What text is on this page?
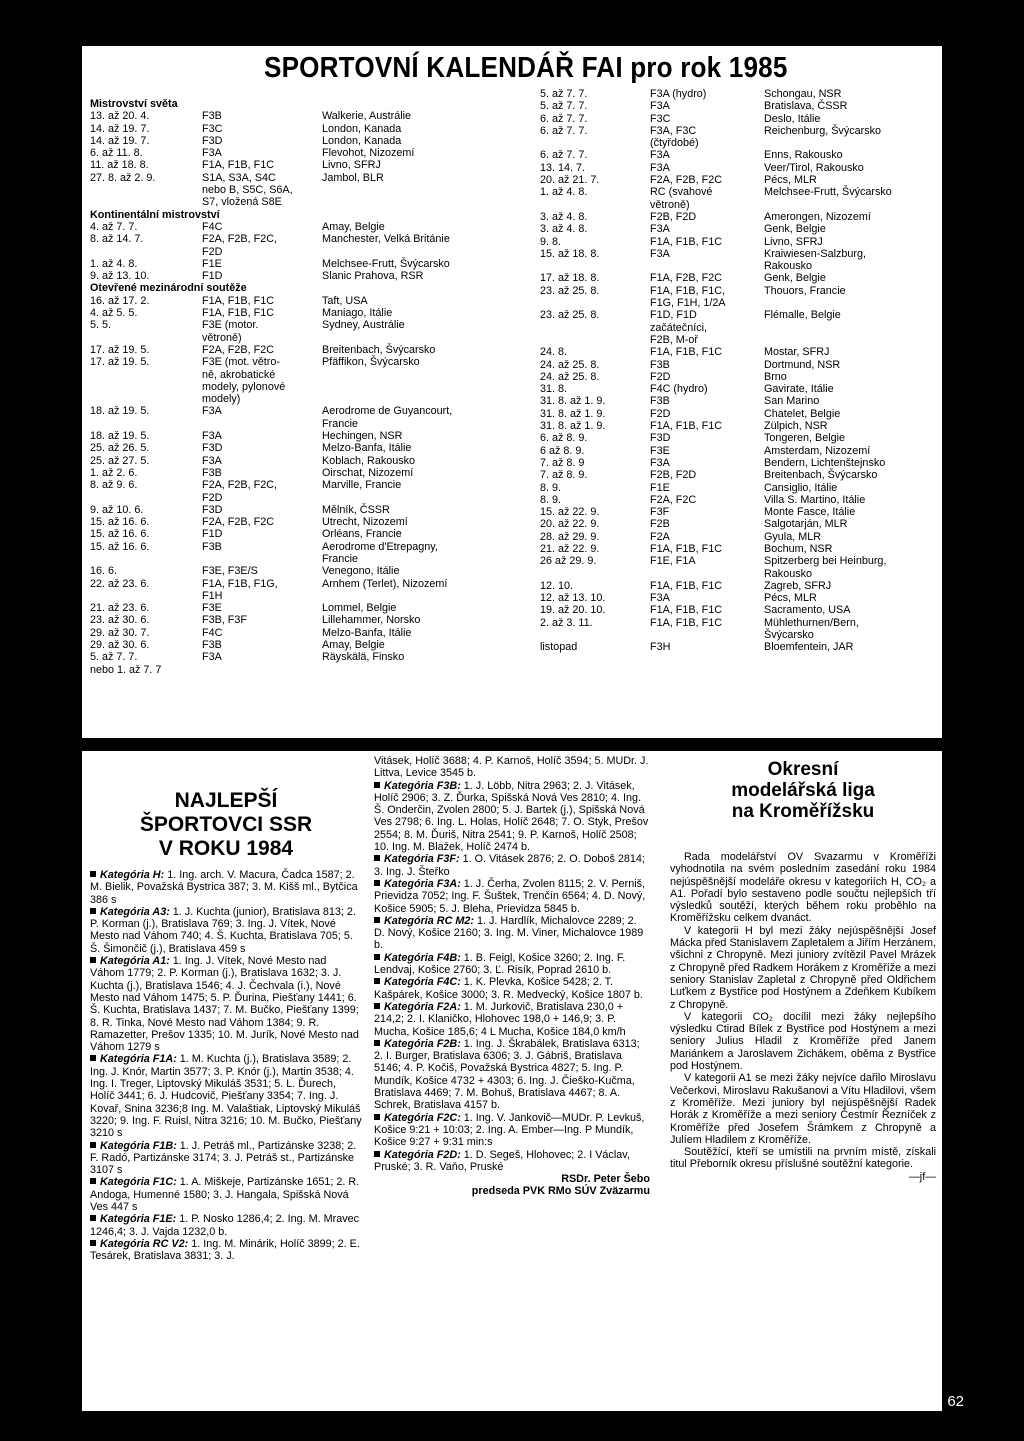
SPORTOVNÍ KALENDÁŘ FAI pro rok 1985
Mistrovství světa
13. až 20. 4.	F3B	Walkerie, Austrálie
14. až 19. 7.	F3C	London, Kanada
14. až 19. 7.	F3D	London, Kanada
6. až 11. 8.	F3A	Flevohot, Nizozemí
11. až 18. 8.	F1A, F1B, F1C	Livno, SFRJ
27. 8. až 2. 9.	S1A, S3A, S4C	Jambol, BLR
nebo B, S5C, S6A,
S7, vložená S8E
Kontinentální mistrovství
4. až 7. 7.	F4C	Amay, Belgie
8. až 14. 7.	F2A, F2B, F2C,	Manchester, Velká Británie
F2D
1. až 4. 8.	F1E	Melchsee-Frutt, Švýcarsko
9. až 13. 10.	F1D	Slanic Prahova, RSR
Otevřené mezinárodní soutěže
16. až 17. 2.	F1A, F1B, F1C	Taft, USA
4. až 5. 5.	F1A, F1B, F1C	Maniago, Itálie
5. 5.	F3E (motor.	Sydney, Austrálie
větroně)
17. až 19. 5.	F2A, F2B, F2C	Breitenbach, Švýcarsko
17. až 19. 5.	F3E (mot. větro-	Pfäffikon, Švýcarsko
ně, akrobatické
modely, pylonové
modely)
18. až 19. 5.	F3A	Aerodrome de Guyancourt,
Francie
18. až 19. 5.	F3A	Hechingen, NSR
25. až 26. 5.	F3D	Melzo-Banfa, Itálie
25. až 27. 5.	F3A	Koblach, Rakousko
1. až 2. 6.	F3B	Oirschat, Nizozemí
8. až 9. 6.	F2A, F2B, F2C,	Marville, Francie
F2D
9. až 10. 6.	F3D	Mělník, ČSSR
15. až 16. 6.	F2A, F2B, F2C	Utrecht, Nizozemí
15. až 16. 6.	F1D	Orléans, Francie
15. až 16. 6.	F3B	Aerodrome d'Etrepagny,
Francie
16. 6.	F3E, F3E/S	Venegono, Itálie
22. až 23. 6.	F1A, F1B, F1G,	Arnhem (Terlet), Nizozemí
F1H
21. až 23. 6.	F3E	Lommel, Belgie
23. až 30. 6.	F3B, F3F	Lillehammer, Norsko
29. až 30. 7.	F4C	Melzo-Banfa, Itálie
29. až 30. 6.	F3B	Amay, Belgie
5. až 7. 7.	F3A	Räyskälä, Finsko
nebo 1. až 7. 7
5. až 7. 7.	F3A (hydro)	Schongau, NSR
5. až 7. 7.	F3A	Bratislava, ČSSR
6. až 7. 7.	F3C	Deslo, Itálie
6. až 7. 7.	F3A, F3C	Reichenburg, Švýcarsko
(čtyřdobé)
6. až 7. 7.	F3A	Enns, Rakousko
13. 14. 7.	F3A	Veer/Tirol, Rakousko
20. až 21. 7.	F2A, F2B, F2C	Pécs, MLR
1. až 4. 8.	RC (svahové	Melchsee-Frutt, Švýcarsko
větroně)
3. až 4. 8.	F2B, F2D	Amerongen, Nizozemí
3. až 4. 8.	F3A	Genk, Belgie
9. 8.	F1A, F1B, F1C	Livno, SFRJ
15. až 18. 8.	F3A	Kraiwiesen-Salzburg,
Rakousko
17. až 18. 8.	F1A, F2B, F2C	Genk, Belgie
23. až 25. 8.	F1A, F1B, F1C,	Thouors, Francie
F1G, F1H, 1/2A
23. až 25. 8.	F1D, F1D	Flémalle, Belgie
začátečníci,
F2B, M-oř
24. 8.	F1A, F1B, F1C	Mostar, SFRJ
24. až 25. 8.	F3B	Dortmund, NSR
24. až 25. 8.	F2D	Brno
31. 8.	F4C (hydro)	Gavirate, Itálie
31. 8. až 1. 9.	F3B	San Marino
31. 8. až 1. 9.	F2D	Chatelet, Belgie
31. 8. až 1. 9.	F1A, F1B, F1C	Zülpich, NSR
6. až 8. 9.	F3D	Tongeren, Belgie
6 až 8. 9.	F3E	Amsterdam, Nizozemí
7. až 8. 9	F3A	Bendern, Lichtenštejnsko
7. až 8. 9.	F2B, F2D	Breitenbach, Švýcarsko
8. 9.	F1E	Cansiglio, Itálie
8. 9.	F2A, F2C	Villa S. Martino, Itálie
15. až 22. 9.	F3F	Monte Fasce, Itálie
20. až 22. 9.	F2B	Salgotarján, MLR
28. až 29. 9.	F2A	Gyula, MLR
21. až 22. 9.	F1A, F1B, F1C	Bochum, NSR
26 až 29. 9.	F1E, F1A	Spitzerberg bei Heinburg,
Rakousko
12. 10.	F1A, F1B, F1C	Zagreb, SFRJ
12. až 13. 10.	F3A	Pécs, MLR
19. až 20. 10.	F1A, F1B, F1C	Sacramento, USA
2. až 3. 11.	F1A, F1B, F1C	Mühlethurnen/Bern,
Švýcarsko
listopad	F3H	Bloemfentein, JAR
NAJLEPŠÍ
ŠPORTOVCI SSR
V ROKU 1984

Kategória H: 1. Ing. arch. V. Macura, Čadca 1587; 2. M. Bielik, Považská Bystrica 387; 3. M. Kišš ml., Bytčica 386 s

Kategória A3: 1. J. Kuchta (junior), Bratislava 813; 2. P. Korman (j.), Bratislava 769; 3. Ing. J. Vítek, Nové Mesto nad Váhom 740; 4. Š. Kuchta, Bratislava 705; 5. Š. Šimončič (j.), Bratislava 459 s

Kategória A1: 1. Ing. J. Vítek, Nové Mesto nad Váhom 1779; 2. P. Korman (j.), Bratislava 1632; 3. J. Kuchta (j.), Bratislava 1546; 4. J. Čechvala (i.), Nové Mesto nad Váhom 1475; 5. P. Ďurina, Piešťany 1441; 6. Š. Kuchta, Bratislava 1437; 7. M. Bučko, Piešťany 1399; 8. R. Tinka, Nové Mesto nad Váhom 1384; 9. R. Ramazetter, Prešov 1335; 10. M. Jurík, Nové Mesto nad Váhom 1279 s

Kategória F1A: 1. M. Kuchta (j.), Bratislava 3589; 2. Ing. J. Knór, Martin 3577; 3. P. Knór (j.), Martin 3538; 4. Ing. I. Treger, Liptovský Mikuláš 3531; 5. L. Ďurech, Holíč 3441; 6. J. Hudcovič, Piešťany 3354; 7. Ing. J. Kovař, Snina 3236;8 Ing. M. Valaštiak, Liptovský Mikuláš 3220; 9. Ing. F. Ruisl, Nitra 3216; 10. M. Bučko, Piešťany 3210 s

Kategória F1B: 1. J. Petráš ml., Partizánske 3238; 2. F. Radó, Partizánske 3174; 3. J. Petráš st., Partizánske 3107 s

Kategória F1C: 1. A. Miškeje, Partizánske 1651; 2. R. Andoga, Humenné 1580; 3. J. Hangala, Spišská Nová Ves 447 s

Kategória F1E: 1. P. Nosko 1286,4; 2. Ing. M. Mravec 1246,4; 3. J. Vajda 1232,0 b.

Kategória RC V2: 1. Ing. M. Minárik, Holíč 3899; 2. E. Tesárek, Bratislava 3831; 3. J.

Vitásek, Holíč 3688; 4. P. Karnoš, Holíč 3594; 5. MUDr. J. Littva, Levice 3545 b.

Kategória F3B: 1. J. Löbb, Nitra 2963; 2. J. Vitásek, Holíč 2906; 3. Z. Ďurka, Spišská Nová Ves 2810; 4. Ing. Š. Onderčin, Zvolen 2800; 5. J. Bartek (j.), Spišská Nová Ves 2798; 6. Ing. L. Holas, Holíč 2648; 7. O. Styk, Prešov 2554; 8. M. Ďuriš, Nitra 2541; 9. P. Karnoš, Holíč 2508; 10. Ing. M. Blažek, Holíč 2474 b.

Kategória F3F: 1. O. Vitásek 2876; 2. O. Doboš 2814; 3. Ing. J. Šteřko

Kategória F3A: 1. J. Čerha, Zvolen 8115; 2. V. Perniš, Prievidza 7052; Ing. F. Šuštek, Trenčín 6564; 4. D. Nový, Košice 5905; 5. J. Bleha, Prievidza 5845 b.

Kategória RC M2: 1. J. Hardlík, Michalovce 2289; 2. D. Nový, Košice 2160; 3. Ing. M. Viner, Michalovce 1989 b.

Kategória F4B: 1. B. Feigl, Košice 3260; 2. Ing. F. Lendvaj, Košice 2760; 3. Ľ. Risík, Poprad 2610 b.

Kategória F4C: 1. K. Plevka, Košice 5428; 2. T. Kašpárek, Košice 3000; 3. R. Medvecký, Košice 1807 b.

Kategória F2A: 1. M. Jurkovič, Bratislava 230,0 + 214,2; 2. I. Klaničko, Hlohovec 198,0 + 146,9; 3. P. Mucha, Košice 185,6; 4 L Mucha, Košice 184,0 km/h

Kategória F2B: 1. Ing. J. Škrabálek, Bratislava 6313; 2. I. Burger, Bratislava 6306; 3. J. Gábriš, Bratislava 5146; 4. P. Kočiš, Považská Bystrica 4827; 5. Ing. P. Mundík, Košice 4732 + 4303; 6. Ing. J. Čieško-Kučma, Bratislava 4469; 7. M. Bohuš, Bratislava 4467; 8. A. Schrek, Bratislava 4157 b.

Kategória F2C: 1. Ing. V. Jankovič—MUDr. P. Levkuš, Košice 9:21 + 10:03; 2. Ing. A. Ember—Ing. P Mundík, Košice 9:27 + 9:31 min:s

Kategória F2D: 1. D. Segeš, Hlohovec; 2. I Václav, Pruské; 3. R. Vaňo, Pruské

RSDr. Peter Šebo

predseda PVK RMo SÚV Zväzarmu

Okresní
modelářská liga
na Kroměřížsku

Rada modelářství OV Svazarmu v Kroměříži vyhodnotila na svém posledním zasedání roku 1984 nejúspěšnější modeláře okresu v kategoriích H, CO₂ a A1. Pořadí bylo sestaveno podle součtu nejlepších tří výsledků soutěží, kterých během roku proběhlo na Kroměřížsku celkem dvanáct.

V kategorii H byl mezi žáky nejúspěšnější Josef Mácka před Stanislavem Zapletalem a Jiřím Herzánem, všichni z Chropyně. Mezi juniory zvítězil Pavel Mrázek z Chropyně před Radkem Horákem z Kroměříže a mezi seniory Stanislav Zapletal z Chropyně před Oldřichem Luťkem z Bystřice pod Hostýnem a Zdeňkem Kubíkem z Chropyně.

V kategorii CO₂ docílil mezi žáky nejlepšího výsledku Ctirad Bílek z Bystřice pod Hostýnem a mezi seniory Julius Hladil z Kroměříže před Janem Mariánkem a Jaroslavem Zichákem, oběma z Bystřice pod Hostýnem.

V kategorii A1 se mezi žáky nejvíce dařilo Miroslavu Večerkovi, Miroslavu Rakušanovi a Vítu Hladilovi, všem z Kroměříže. Mezi juniory byl nejúspěšnější Radek Horák z Kroměříže a mezi seniory Čestmír Řezníček z Kroměříže před Josefem Šrámkem z Chropyně a Julíem Hladilem z Kroměříže.

Soutěžící, kteří se umístili na prvním místě, získali titul Přeborník okresu příslušné soutěžní kategorie.

—jf—

30	MODELÁŘ · 2/1985 · 62
